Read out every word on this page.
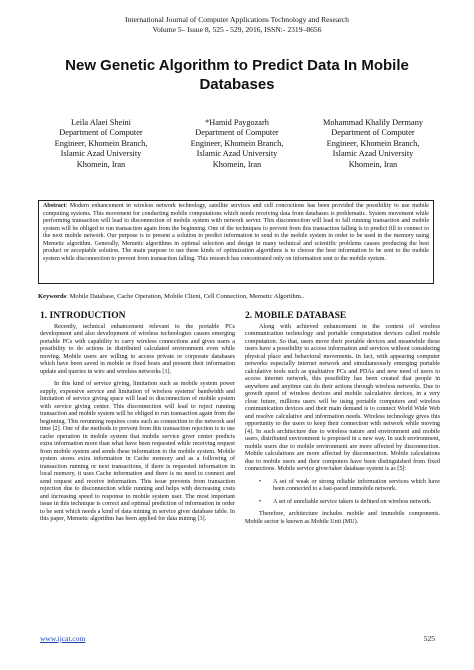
International Journal of Computer Applications Technology and Research
Volume 5– Issue 8, 525 - 529, 2016, ISSN:- 2319–8656
New Genetic Algorithm to Predict Data In Mobile Databases
Leila Alaei Sheini
Department of Computer
Engineer, Khomein Branch,
Islamic Azad University
Khomein, Iran
*Hamid Paygozarh
Department of Computer
Engineer, Khomein Branch,
Islamic Azad University
Khomein, Iran
Mohammad Khalily Dermany
Department of Computer
Engineer, Khomein Branch,
Islamic Azad University
Khomein, Iran
Abstract: Modern enhancement in wireless network technology, satellite services and cell concoctions has been provided the possibility to use mobile computing systems. This movement for conducting mobile computations which needs receiving data from databases is problematic. System movement while performing transaction will lead to disconnection of mobile system with network server. This disconnection will lead to fall running transaction and mobile system will be obliged to run transaction again from the beginning. One of the techniques to prevent from this transaction falling is to predict fill to connect to the next mobile network. Our purpose is to present a solution to predict information to send to the mobile system in order to be used in the memory using Memetic algorithm. Generally, Memetic algorithms in optimal selection and design in many technical and scientific problems causes producing the best product or acceptable solution. The main purpose to use these kinds of optimization algorithms is to choose the best information to be sent to the mobile system while disconnection to prevent from transaction falling. This research has concentrated only on information sent to the mobile system.
Keywords: Mobile Database, Cache Operation, Mobile Client, Cell Connection, Memetic Algorithm..
1. INTRODUCTION

Recently, technical enhancement relevant to the portable PCs development and also development of wireless technologies causes emerging portable PCs with capability to carry wireless connections and gives users a possibility to do actions in distributed calculated environment even while moving. Mobile users are willing to access private or corporate databases which have been saved in mobile or fixed hosts and present their information update and queries in wire and wireless networks [1].

In this kind of service giving, limitation such as mobile system power supply, expensive service and limitation of wireless systems' bandwidth and limitation of service giving space will lead to disconnection of mobile system with service giving center. This disconnection will lead to reject running transaction and mobile system will be obliged to run transaction again from the beginning. This rerunning requires costs such as connection to the network and time [2]. One of the methods to prevent from this transaction rejection is to use cache operation in mobile system that mobile service giver center predicts extra information more than what have been requested while receiving request from mobile system and sends these information to the mobile system. Mobile system stores extra information in Cache memory and as a following of transaction running or next transactions, if there is requested information in local memory, it uses Cache information and there is no need to connect and send request and receive information. This issue prevents from transaction rejection due to disconnection while running and helps with decreasing costs and increasing speed to response to mobile system user. The most important issue in this technique is correct and optimal prediction of information in order to be sent which needs a kind of data mining in service giver database table. In this paper, Memetic algorithm has been applied for data mining [3].

2. MOBILE DATABASE

Along with achieved enhancement in the context of wireless communication technology and portable computation devices called mobile computation. So that, users move their portable devices and meanwhile these users have a possibility to access information and services without considering physical place and behavioral movements. In fact, with appearing computer networks especially internet network and simultaneously emerging portable calculative tools such as qualitative PCs and PDAs and new need of users to access internet network, this possibility has been created that people in anywhere and anytime can do their actions through wireless networks. Due to growth speed of wireless devices and mobile calculative devices, in a very close future, millions users will be using portable computers and wireless communication devices and their main demand is to connect World Wide Web and resolve calculative and information needs. Wireless technology gives this opportunity to the users to keep their connection with network while moving [4]. In such architecture due to wireless nature and environment and mobile users, distributed environment is proposed in a new way. In such environment, mobile users due to mobile environment are more affected by disconnection. Mobile calculations are more affected by disconnection. Mobile calculations due to mobile users and their computers have been distinguished from fixed connections. Mobile service giver/taker database system is as [5]:

• A set of weak or strong reliable information services which have been connected to a fast-paced immobile network.
• A set of unreliable service takers is defined on wireless network.

Therefore, architecture includes mobile and immobile components. Mobile sector is known as Mobile Unit (MU).

www.ijcat.com	525
